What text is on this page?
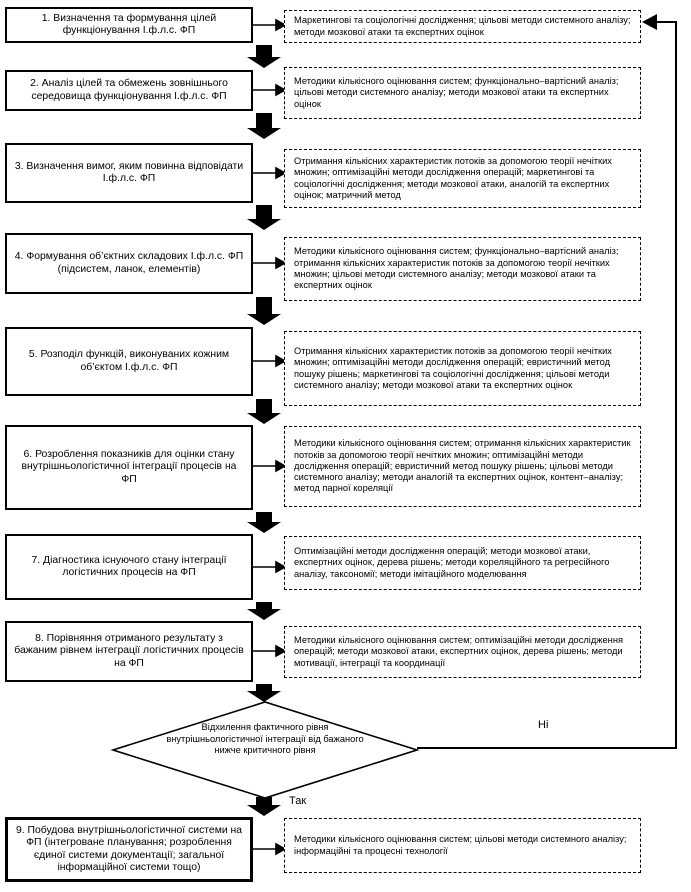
1. Визначення та формування цілей функціонування І.ф.л.с. ФП
2. Аналіз цілей та обмежень зовнішнього середовища функціонування І.ф.л.с. ФП
3. Визначення вимог, яким повинна відповідати І.ф.л.с. ФП
4. Формування об’єктних складових І.ф.л.с. ФП (підсистем, ланок, елементів)
5. Розподіл функцій, виконуваних кожним об’єктом І.ф.л.с. ФП
6. Розроблення показників для оцінки стану внутрішньологістичної інтеграції процесів на ФП
7. Діагностика існуючого стану інтеграції логістичних процесів на ФП
8. Порівняння отриманого результату з бажаним рівнем інтеграції логістичних процесів на ФП
9. Побудова внутрішньологістичної системи на ФП (інтегроване планування; розроблення єдиної системи документації; загальної інформаційної системи тощо)
Маркетингові та соціологічні дослідження; цільові методи системного аналізу; методи мозкової атаки та експертних оцінок
Методики кількісного оцінювання систем; функціонально–вартісний аналіз; цільові методи системного аналізу; методи мозкової атаки та експертних оцінок
Отримання кількісних характеристик потоків за допомогою теорії нечітких множин; оптимізаційні методи дослідження операцій; маркетингові та соціологічні дослідження; методи мозкової атаки, аналогій та експертних оцінок; матричний метод
Методики кількісного оцінювання систем; функціонально–вартісний аналіз; отримання кількісних характеристик потоків за допомогою теорії нечітких множин; цільові методи системного аналізу; методи мозкової атаки та експертних оцінок
Отримання кількісних характеристик потоків за допомогою теорії нечітких множин; оптимізаційні методи дослідження операцій; евристичний метод пошуку рішень; маркетингові та соціологічні дослідження; цільові методи системного аналізу; методи мозкової атаки та експертних оцінок
Методики кількісного оцінювання систем; отримання кількісних характеристик потоків за допомогою теорії нечітких множин; оптимізаційні методи дослідження операцій; евристичний метод пошуку рішень; цільові методи системного аналізу; методи аналогій та експертних оцінок, контент–аналізу; метод парної кореляції
Оптимізаційні методи дослідження операцій; методи мозкової атаки, експертних оцінок, дерева рішень; методи кореляційного та регресійного аналізу, таксономії; методи імітаційного моделювання
Методики кількісного оцінювання систем; оптимізаційні методи дослідження операцій; методи мозкової атаки, експертних оцінок, дерева рішень; методи мотивації, інтеграції та координації
Методики кількісного оцінювання систем; цільові методи системного аналізу; інформаційні та процесні технології
Відхилення фактичного рівня внутрішньологістичної інтеграції від бажаного нижче критичного рівня
Ні
Так
